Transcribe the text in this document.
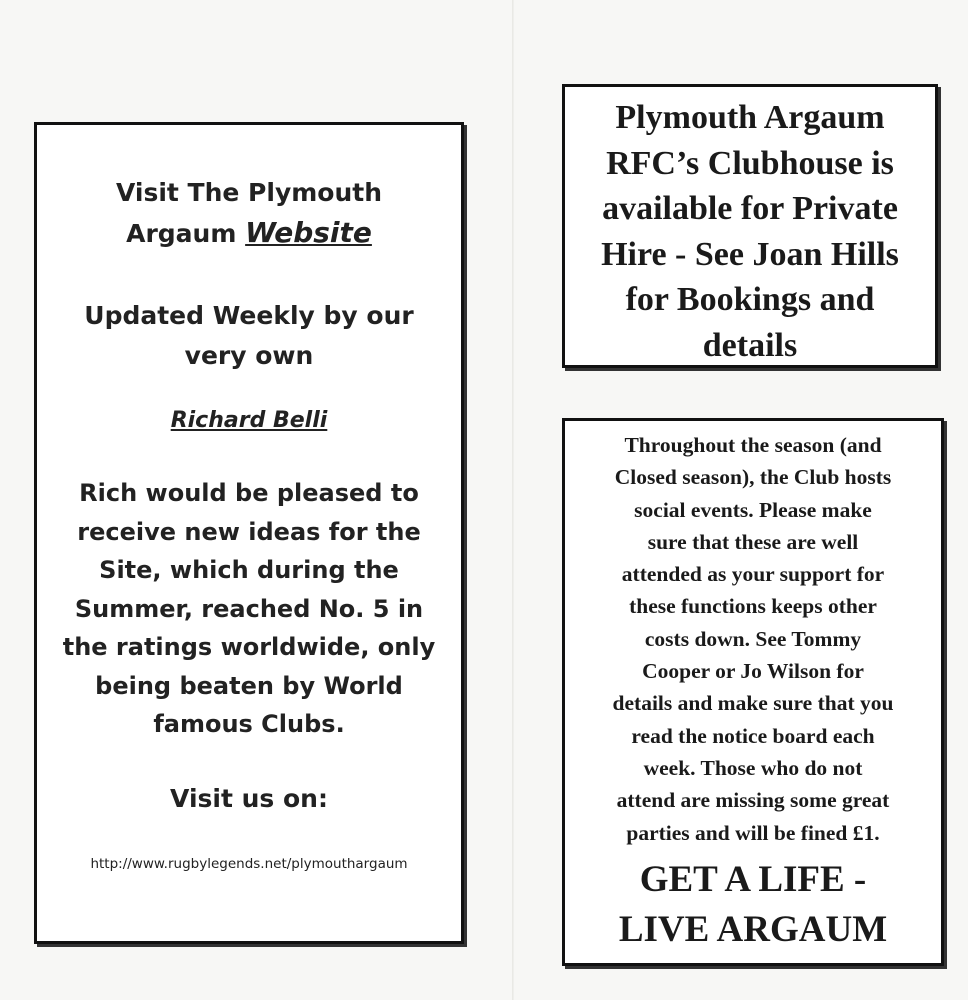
Visit The Plymouth
Argaum Website
Updated Weekly by our
very own
Richard Belli
Rich would be pleased to
receive new ideas for the
Site, which during the
Summer, reached No. 5 in
the ratings worldwide, only
being beaten by World
famous Clubs.
Visit us on:
http://www.rugbylegends.net/plymouthargaum
Plymouth Argaum
RFC’s Clubhouse is
available for Private
Hire - See Joan Hills
for Bookings and
details
Throughout the season (and
Closed season), the Club hosts
social events. Please make
sure that these are well
attended as your support for
these functions keeps other
costs down. See Tommy
Cooper or Jo Wilson for
details and make sure that you
read the notice board each
week. Those who do not
attend are missing some great
parties and will be fined £1.
GET A LIFE -
LIVE ARGAUM
